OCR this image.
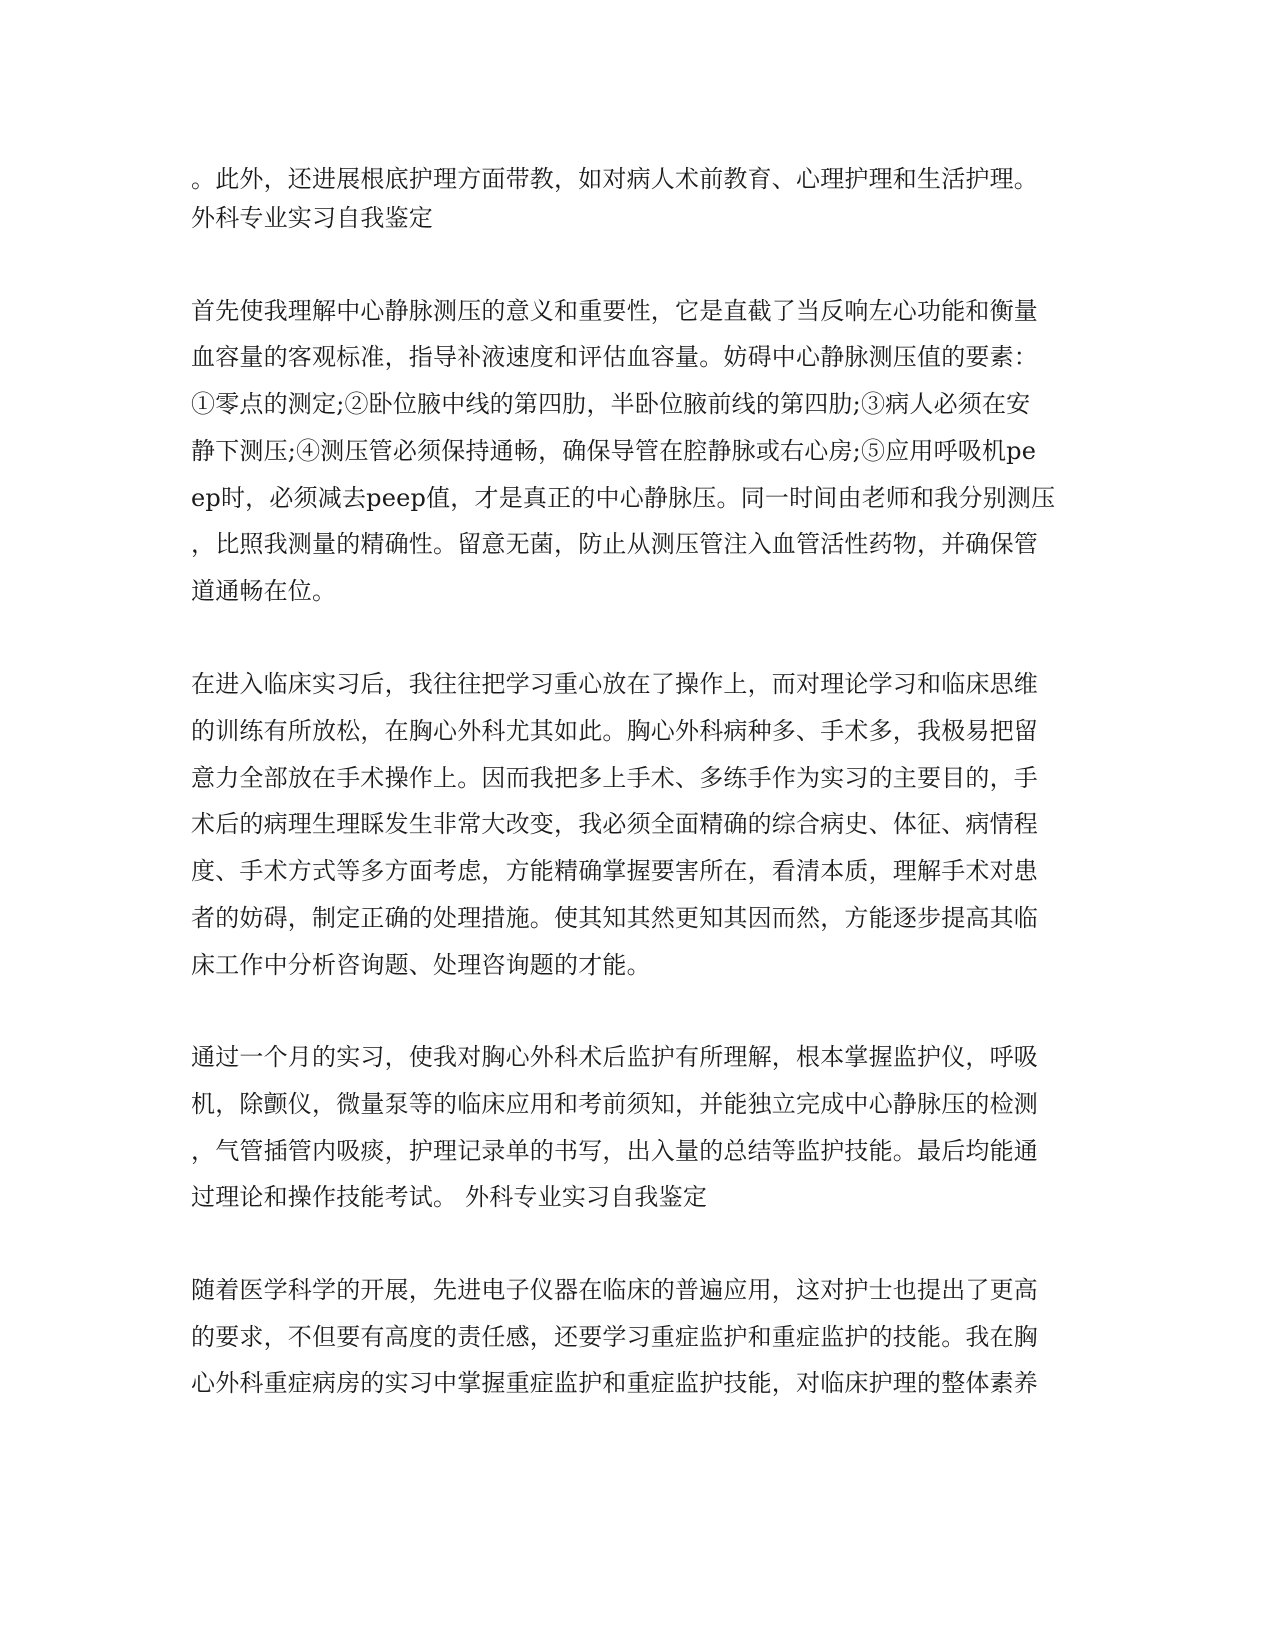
。此外，还进展根底护理方面带教，如对病人术前教育、心理护理和生活护理。
外科专业实习自我鉴定
首先使我理解中心静脉测压的意义和重要性，它是直截了当反响左心功能和衡量
血容量的客观标准，指导补液速度和评估血容量。妨碍中心静脉测压值的要素：
①零点的测定;②卧位腋中线的第四肋，半卧位腋前线的第四肋;③病人必须在安
静下测压;④测压管必须保持通畅，确保导管在腔静脉或右心房;⑤应用呼吸机pe
ep时，必须减去peep值，才是真正的中心静脉压。同一时间由老师和我分别测压
，比照我测量的精确性。留意无菌，防止从测压管注入血管活性药物，并确保管
道通畅在位。
在进入临床实习后，我往往把学习重心放在了操作上，而对理论学习和临床思维
的训练有所放松，在胸心外科尤其如此。胸心外科病种多、手术多，我极易把留
意力全部放在手术操作上。因而我把多上手术、多练手作为实习的主要目的，手
术后的病理生理睬发生非常大改变，我必须全面精确的综合病史、体征、病情程
度、手术方式等多方面考虑，方能精确掌握要害所在，看清本质，理解手术对患
者的妨碍，制定正确的处理措施。使其知其然更知其因而然，方能逐步提高其临
床工作中分析咨询题、处理咨询题的才能。
通过一个月的实习，使我对胸心外科术后监护有所理解，根本掌握监护仪，呼吸
机，除颤仪，微量泵等的临床应用和考前须知，并能独立完成中心静脉压的检测
，气管插管内吸痰，护理记录单的书写，出入量的总结等监护技能。最后均能通
过理论和操作技能考试。 外科专业实习自我鉴定
随着医学科学的开展，先进电子仪器在临床的普遍应用，这对护士也提出了更高
的要求，不但要有高度的责任感，还要学习重症监护和重症监护的技能。我在胸
心外科重症病房的实习中掌握重症监护和重症监护技能，对临床护理的整体素养
